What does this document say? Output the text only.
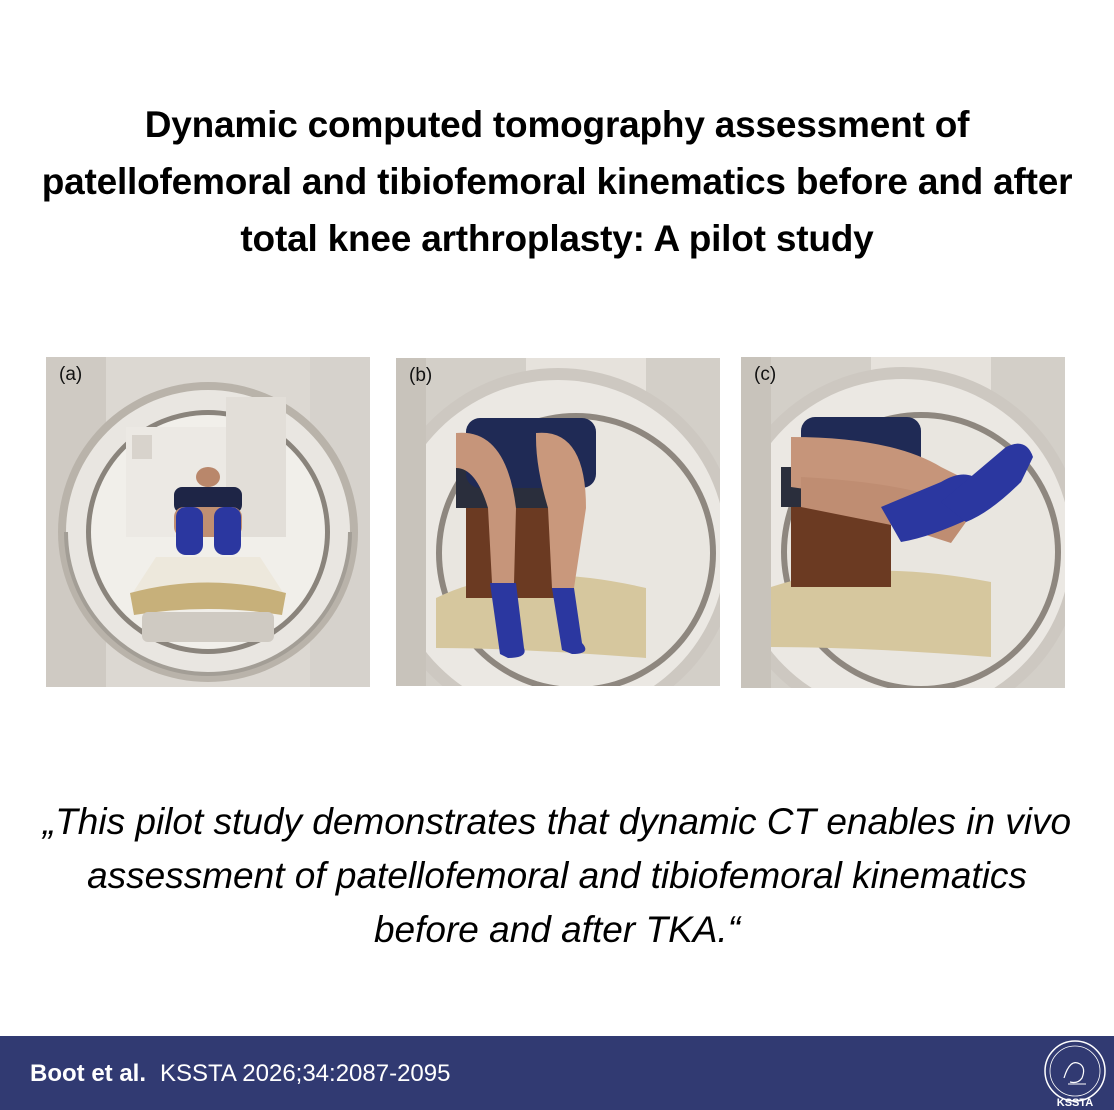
Dynamic computed tomography assessment of patellofemoral and tibiofemoral kinematics before and after total knee arthroplasty: A pilot study
(a)	(b)	(c)

„This pilot study demonstrates that dynamic CT enables in vivo assessment of patellofemoral and tibiofemoral kinematics before and after TKA.“

Boot et al. KSSTA 2026;34:2087-2095
KSSTA
